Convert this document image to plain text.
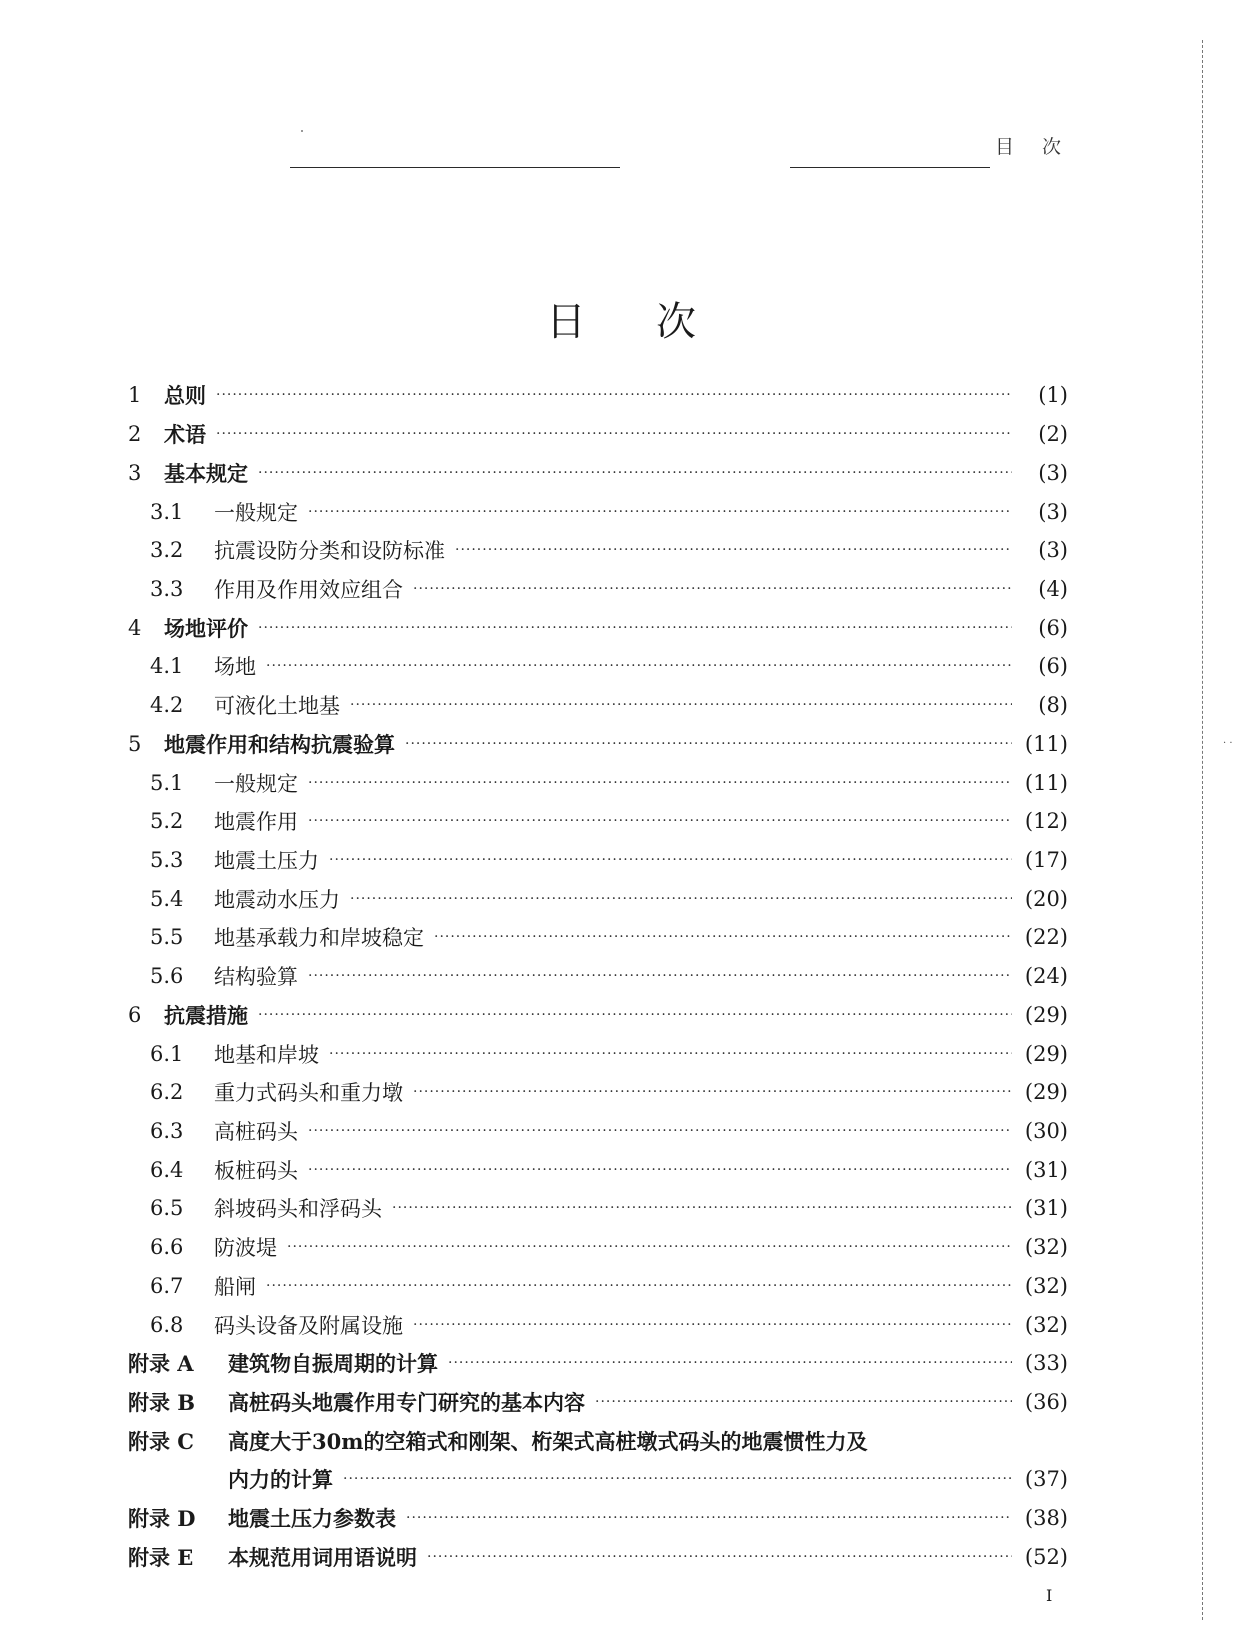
目次
日次
1	总则 ·····	(1)
2	术语 ·····	(2)
3	基本规定 ·····	(3)
3.1	一般规定 ·····	(3)
3.2	抗震设防分类和设防标准 ·····	(3)
3.3	作用及作用效应组合 ·····	(4)
4	场地评价 ·····	(6)
4.1	场地 ·····	(6)
4.2	可液化土地基 ·····	(8)
5	地震作用和结构抗震验算 ·····	(11)
5.1	一般规定 ·····	(11)
5.2	地震作用 ·····	(12)
5.3	地震土压力 ·····	(17)
5.4	地震动水压力 ·····	(20)
5.5	地基承载力和岸坡稳定 ·····	(22)
5.6	结构验算 ·····	(24)
6	抗震措施 ·····	(29)
6.1	地基和岸坡 ·····	(29)
6.2	重力式码头和重力墩 ·····	(29)
6.3	高桩码头 ·····	(30)
6.4	板桩码头 ·····	(31)
6.5	斜坡码头和浮码头 ·····	(31)
6.6	防波堤 ·····	(32)
6.7	船闸 ·····	(32)
6.8	码头设备及附属设施 ·····	(32)
附录 A	建筑物自振周期的计算 ·····	(33)
附录 B	高桩码头地震作用专门研究的基本内容 ·····	(36)
附录 C	高度大于30m的空箱式和刚架、桁架式高桩墩式码头的地震惯性力及
内力的计算 ·····	(37)
附录 D	地震土压力参数表 ·····	(38)
附录 E	本规范用词用语说明 ·····	(52)
I
· ·
